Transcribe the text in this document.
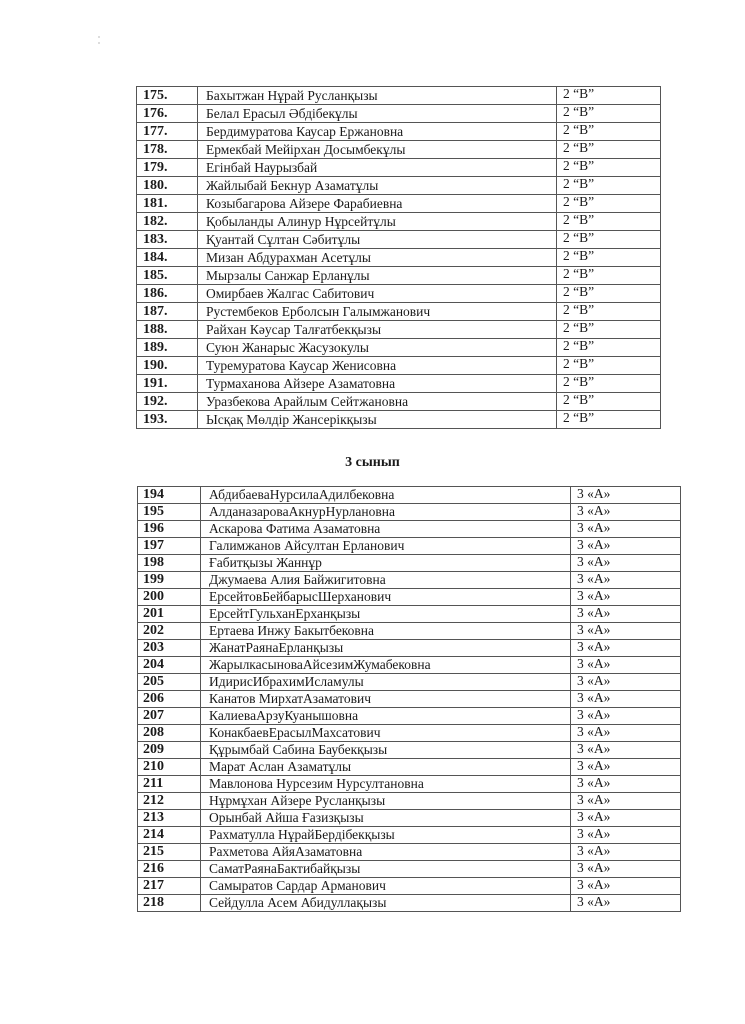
175.	Бахытжан Нұрай Русланқызы	2 “В”
176.	Белал Ерасыл Әбдібекұлы	2 “В”
177.	Бердимуратова Каусар Ержановна	2 “В”
178.	Ермекбай Мейірхан Досымбекұлы	2 “В”
179.	Егінбай Наурызбай	2 “В”
180.	Жайлыбай Бекнур Азаматұлы	2 “В”
181.	Козыбагарова Айзере Фарабиевна	2 “В”
182.	Қобыланды Алинур Нұрсейтұлы	2 “В”
183.	Қуантай Сұлтан Сәбитұлы	2 “В”
184.	Мизан Абдурахман Асетұлы	2 “В”
185.	Мырзалы Санжар Ерланұлы	2 “В”
186.	Омирбаев Жалгас Сабитович	2 “В”
187.	Рустембеков Ерболсын Галымжанович	2 “В”
188.	Райхан Кәусар Талғатбекқызы	2 “В”
189.	Суюн Жанарыс Жасузокулы	2 “В”
190.	Туремуратова Каусар Женисовна	2 “В”
191.	Турмаханова Айзере Азаматовна	2 “В”
192.	Уразбекова Арайлым Сейтжановна	2 “В”
193.	Ысқақ Мөлдір Жансерікқызы	2 “В”
3 сынып
194	АбдибаеваНурсилаАдилбековна	3 «А»
195	АлданазароваАкнурНурлановна	3 «А»
196	Аскарова Фатима Азаматовна	3 «А»
197	Галимжанов Айсултан Ерланович	3 «А»
198	Ғабитқызы Жаннұр	3 «А»
199	Джумаева Алия Байжигитовна	3 «А»
200	ЕрсейтовБейбарысШерханович	3 «А»
201	ЕрсейтГульханЕрханқызы	3 «А»
202	Ертаева Инжу Бакытбековна	3 «А»
203	ЖанатРаянаЕрланқызы	3 «А»
204	ЖарылкасыноваАйсезимЖумабековна	3 «А»
205	ИдирисИбрахимИсламулы	3 «А»
206	Канатов МирхатАзаматович	3 «А»
207	КалиеваАрзуКуанышовна	3 «А»
208	КонакбаевЕрасылМахсатович	3 «А»
209	Құрымбай Сабина Баубекқызы	3 «А»
210	Марат Аслан Азаматұлы	3 «А»
211	Мавлонова Нурсезим Нурсултановна	3 «А»
212	Нұрмұхан Айзере Русланқызы	3 «А»
213	Орынбай Айша Ғазизқызы	3 «А»
214	Рахматулла НұрайБердібекқызы	3 «А»
215	Рахметова АйяАзаматовна	3 «А»
216	СаматРаянаБактибайқызы	3 «А»
217	Самыратов Сардар Арманович	3 «А»
218	Сейдулла Асем Абидуллақызы	3 «А»
